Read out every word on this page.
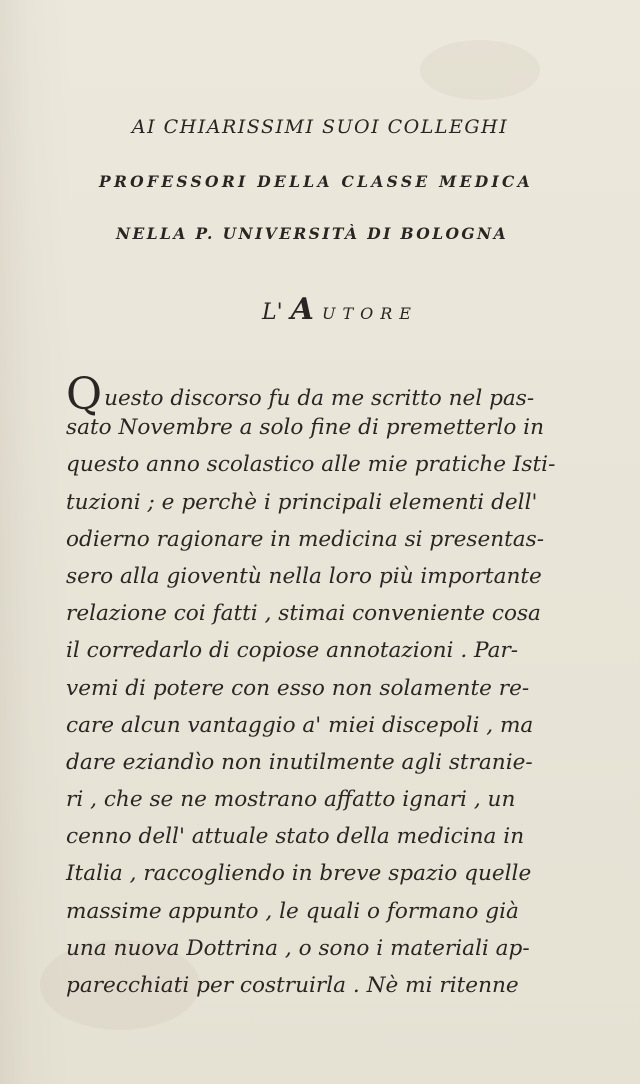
AI CHIARISSIMI SUOI COLLEGHI
PROFESSORI DELLA CLASSE MEDICA
NELLA P. UNIVERSITÀ DI BOLOGNA
L' A UTORE
Q uesto discorso fu da me scritto nel pas-
sato Novembre a solo fine di premetterlo in
questo anno scolastico alle mie pratiche Isti-
tuzioni ; e perchè i principali elementi dell'
odierno ragionare in medicina si presentas-
sero alla gioventù nella loro più importante
relazione coi fatti , stimai conveniente cosa
il corredarlo di copiose annotazioni . Par-
vemi di potere con esso non solamente re-
care alcun vantaggio a' miei discepoli , ma
dare eziandìo non inutilmente agli stranie-
ri , che se ne mostrano affatto ignari , un
cenno dell' attuale stato della medicina in
Italia , raccogliendo in breve spazio quelle
massime appunto , le quali o formano già
una nuova Dottrina , o sono i materiali ap-
parecchiati per costruirla . Nè mi ritenne
